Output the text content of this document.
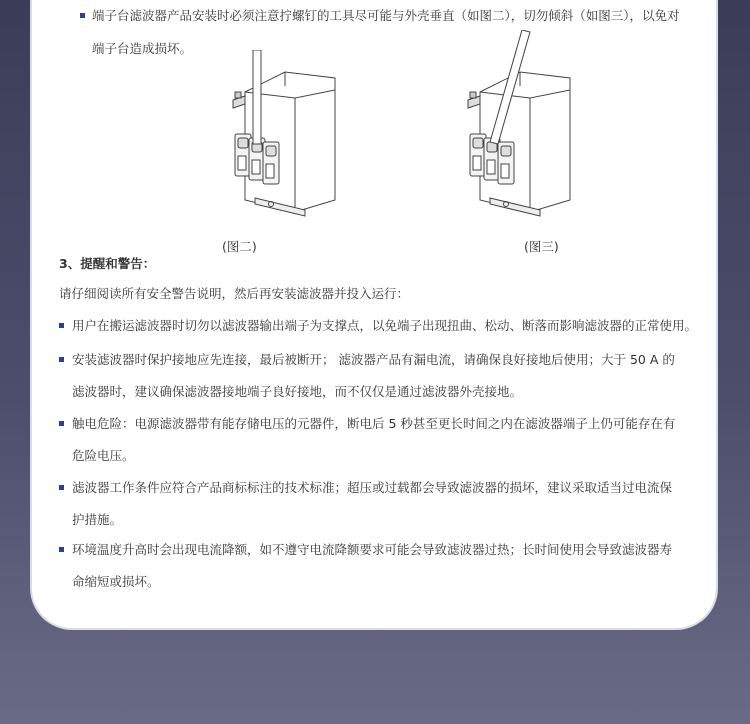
端子台滤波器产品安装时必须注意拧螺钉的工具尽可能与外壳垂直（如图二），切勿倾斜（如图三），以免对
端子台造成损坏。
(图二)	(图三)
3、提醒和警告：
请仔细阅读所有安全警告说明，然后再安装滤波器并投入运行：
用户在搬运滤波器时切勿以滤波器输出端子为支撑点，以免端子出现扭曲、松动、断落而影响滤波器的正常使用。
安装滤波器时保护接地应先连接，最后被断开； 滤波器产品有漏电流，请确保良好接地后使用；大于 50 A 的
滤波器时，建议确保滤波器接地端子良好接地，而不仅仅是通过滤波器外壳接地。
触电危险：电源滤波器带有能存储电压的元器件，断电后 5 秒甚至更长时间之内在滤波器端子上仍可能存在有
危险电压。
滤波器工作条件应符合产品商标标注的技术标准；超压或过载都会导致滤波器的损坏，建议采取适当过电流保
护措施。
环境温度升高时会出现电流降额，如不遵守电流降额要求可能会导致滤波器过热；长时间使用会导致滤波器寿
命缩短或损坏。
